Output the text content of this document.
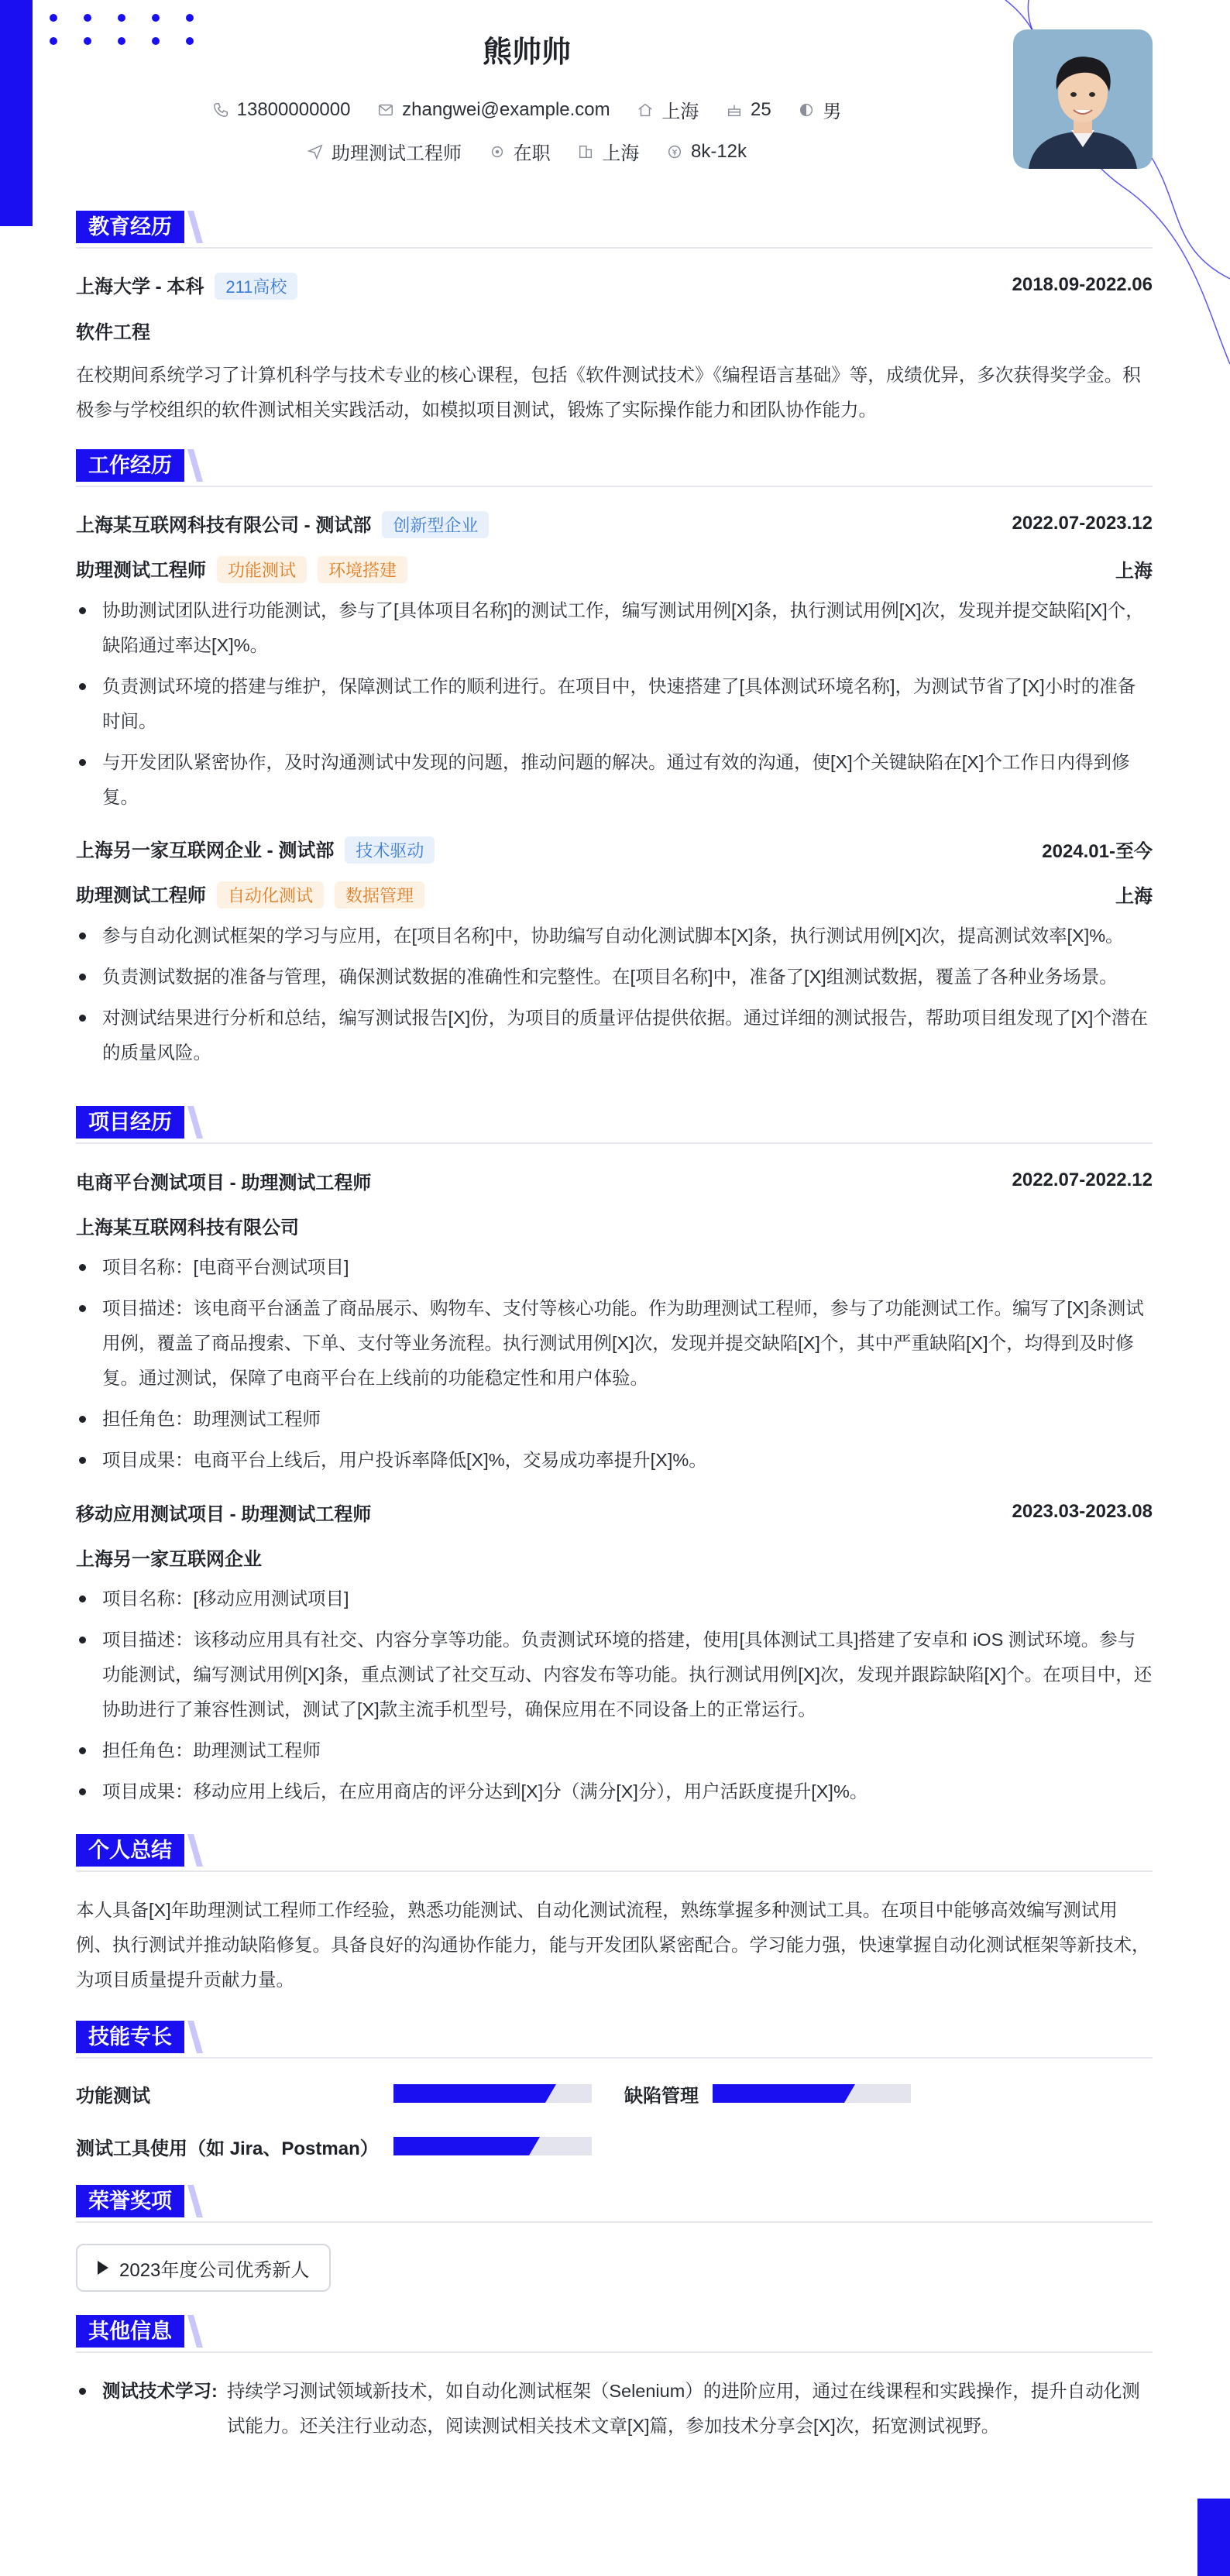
熊帅帅
13800000000
	zhangwei@example.com
	上海
	25
	男
助理测试工程师
	在职
	上海
	8k-12k
教育经历
上海大学 - 本科 211高校	2018.09-2022.06
软件工程
在校期间系统学习了计算机科学与技术专业的核心课程，包括《软件测试技术》《编程语言基础》等，成绩优异，多次获得奖学金。积极参与学校组织的软件测试相关实践活动，如模拟项目测试，锻炼了实际操作能力和团队协作能力。
工作经历
上海某互联网科技有限公司 - 测试部 创新型企业	2022.07-2023.12
助理测试工程师 功能测试 环境搭建	上海
协助测试团队进行功能测试，参与了[具体项目名称]的测试工作，编写测试用例[X]条，执行测试用例[X]次，发现并提交缺陷[X]个，缺陷通过率达[X]%。
负责测试环境的搭建与维护，保障测试工作的顺利进行。在项目中，快速搭建了[具体测试环境名称]，为测试节省了[X]小时的准备时间。
与开发团队紧密协作，及时沟通测试中发现的问题，推动问题的解决。通过有效的沟通，使[X]个关键缺陷在[X]个工作日内得到修复。
上海另一家互联网企业 - 测试部 技术驱动	2024.01-至今
助理测试工程师 自动化测试 数据管理	上海
参与自动化测试框架的学习与应用，在[项目名称]中，协助编写自动化测试脚本[X]条，执行测试用例[X]次，提高测试效率[X]%。
负责测试数据的准备与管理，确保测试数据的准确性和完整性。在[项目名称]中，准备了[X]组测试数据，覆盖了各种业务场景。
对测试结果进行分析和总结，编写测试报告[X]份，为项目的质量评估提供依据。通过详细的测试报告，帮助项目组发现了[X]个潜在的质量风险。
项目经历
电商平台测试项目 - 助理测试工程师	2022.07-2022.12
上海某互联网科技有限公司
项目名称：[电商平台测试项目]
项目描述：该电商平台涵盖了商品展示、购物车、支付等核心功能。作为助理测试工程师，参与了功能测试工作。编写了[X]条测试用例，覆盖了商品搜索、下单、支付等业务流程。执行测试用例[X]次，发现并提交缺陷[X]个，其中严重缺陷[X]个，均得到及时修复。通过测试，保障了电商平台在上线前的功能稳定性和用户体验。
担任角色：助理测试工程师
项目成果：电商平台上线后，用户投诉率降低[X]%，交易成功率提升[X]%。
移动应用测试项目 - 助理测试工程师	2023.03-2023.08
上海另一家互联网企业
项目名称：[移动应用测试项目]
项目描述：该移动应用具有社交、内容分享等功能。负责测试环境的搭建，使用[具体测试工具]搭建了安卓和 iOS 测试环境。参与功能测试，编写测试用例[X]条，重点测试了社交互动、内容发布等功能。执行测试用例[X]次，发现并跟踪缺陷[X]个。在项目中，还协助进行了兼容性测试，测试了[X]款主流手机型号，确保应用在不同设备上的正常运行。
担任角色：助理测试工程师
项目成果：移动应用上线后，在应用商店的评分达到[X]分（满分[X]分），用户活跃度提升[X]%。
个人总结
本人具备[X]年助理测试工程师工作经验，熟悉功能测试、自动化测试流程，熟练掌握多种测试工具。在项目中能够高效编写测试用例、执行测试并推动缺陷修复。具备良好的沟通协作能力，能与开发团队紧密配合。学习能力强，快速掌握自动化测试框架等新技术，为项目质量提升贡献力量。
技能专长
功能测试	缺陷管理
测试工具使用（如 Jira、Postman）
荣誉奖项
2023年度公司优秀新人
其他信息
测试技术学习: 持续学习测试领域新技术，如自动化测试框架（Selenium）的进阶应用，通过在线课程和实践操作，提升自动化测试能力。还关注行业动态，阅读测试相关技术文章[X]篇，参加技术分享会[X]次，拓宽测试视野。
